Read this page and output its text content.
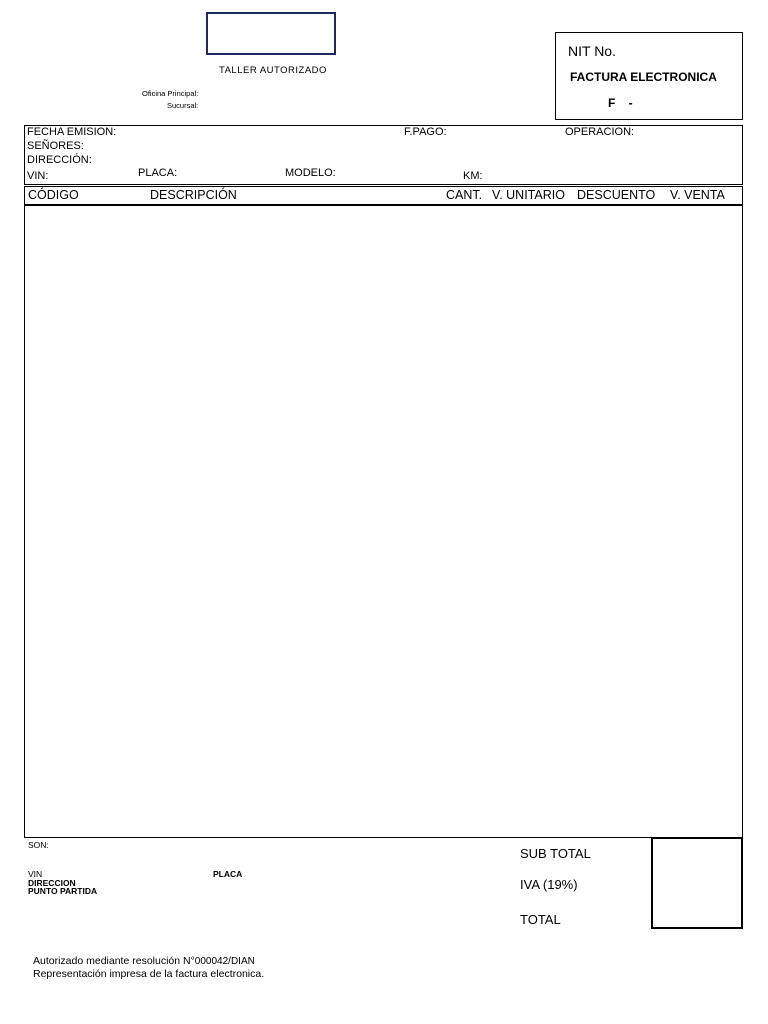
TALLER AUTORIZADO
Oficina Principal:
Sucursal:
NIT No.
FACTURA ELECTRONICA
F    -
FECHA EMISION:	F.PAGO:	OPERACION:
SEÑORES:
DIRECCIÓN:
VIN:	PLACA:	MODELO:	KM:
CÓDIGO	DESCRIPCIÓN	CANT. V. UNITARIO DESCUENTO V. VENTA
SON:
VIN	PLACA
DIRECCION
PUNTO PARTIDA
SUB TOTAL
IVA (19%)
TOTAL
Autorizado mediante resolución N°000042/DIAN
Representación impresa de la factura electronica.
